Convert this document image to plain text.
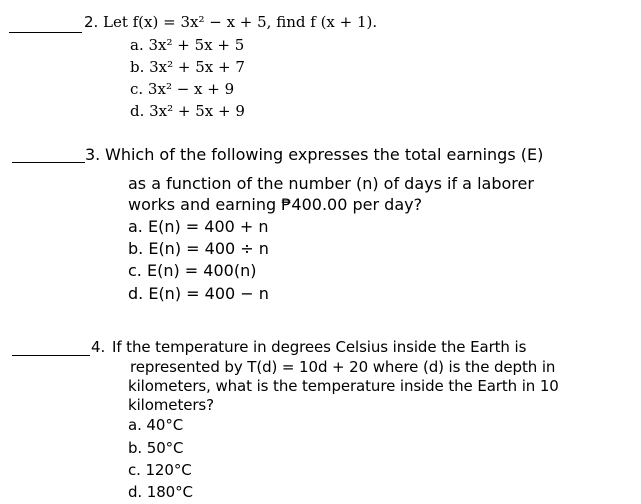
2. Let f(x) = 3x² − x + 5, find f (x + 1).
a. 3x² + 5x + 5
b. 3x² + 5x + 7
c. 3x² − x + 9
d. 3x² + 5x + 9
3. Which of the following expresses the total earnings (E)
as a function of the number (n) of days if a laborer
works and earning ₱400.00 per day?
a. E(n) = 400 + n
b. E(n) = 400 ÷ n
c. E(n) = 400(n)
d. E(n) = 400 − n
4. If the temperature in degrees Celsius inside the Earth is
represented by T(d) = 10d + 20 where (d) is the depth in
kilometers, what is the temperature inside the Earth in 10
kilometers?
a. 40°C
b. 50°C
c. 120°C
d. 180°C
